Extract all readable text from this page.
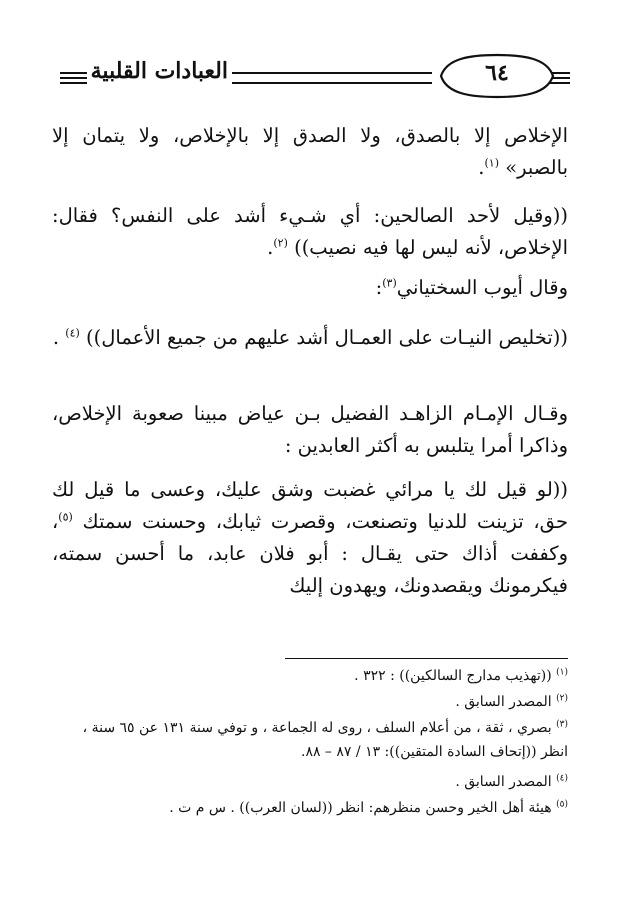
العبادات القلبية	٦٤

الإخلاص إلا بالصدق، ولا الصدق إلا بالإخلاص، ولا يتمان إلا بالصبر» $^{(١)}$.

((وقيل لأحد الصالحين: أي شـيء أشد على النفس؟ فقال: الإخلاص، لأنه ليس لها فيه نصيب)) $^{(٢)}$.

وقال أيوب السختياني$^{(٣)}$:

((تخليص النيـات على العمـال أشد عليهم من جميع الأعمال)) $^{(٤)}$ .

وقـال الإمـام الزاهـد الفضيل بـن عياض مبينا صعوبة الإخلاص، وذاكرا أمرا يتلبس به أكثر العابدين :

((لو قيل لك يا مرائي غضبت وشق عليك، وعسى ما قيل لك حق، تزينت للدنيا وتصنعت، وقصرت ثيابك، وحسنت سمتك $^{(٥)}$، وكففت أذاك حتى يقـال : أبو فلان عابد، ما أحسن سمته، فيكرمونك ويقصدونك، ويهدون إليك

$^{(١)}$ ((تهذيب مدارج السالكين)) : ٣٢٢ .

$^{(٢)}$ المصدر السابق .

$^{(٣)}$ بصري ، ثقة ، من أعلام السلف ، روى له الجماعة ، و توفي سنة ١٣١ عن ٦٥ سنة ، انظر ((إتحاف السادة المتقين)): ١٣ / ٨٧ – ٨٨.

$^{(٤)}$ المصدر السابق .

$^{(٥)}$ هيئة أهل الخير وحسن منظرهم: انظر ((لسان العرب)) . س م ت .
